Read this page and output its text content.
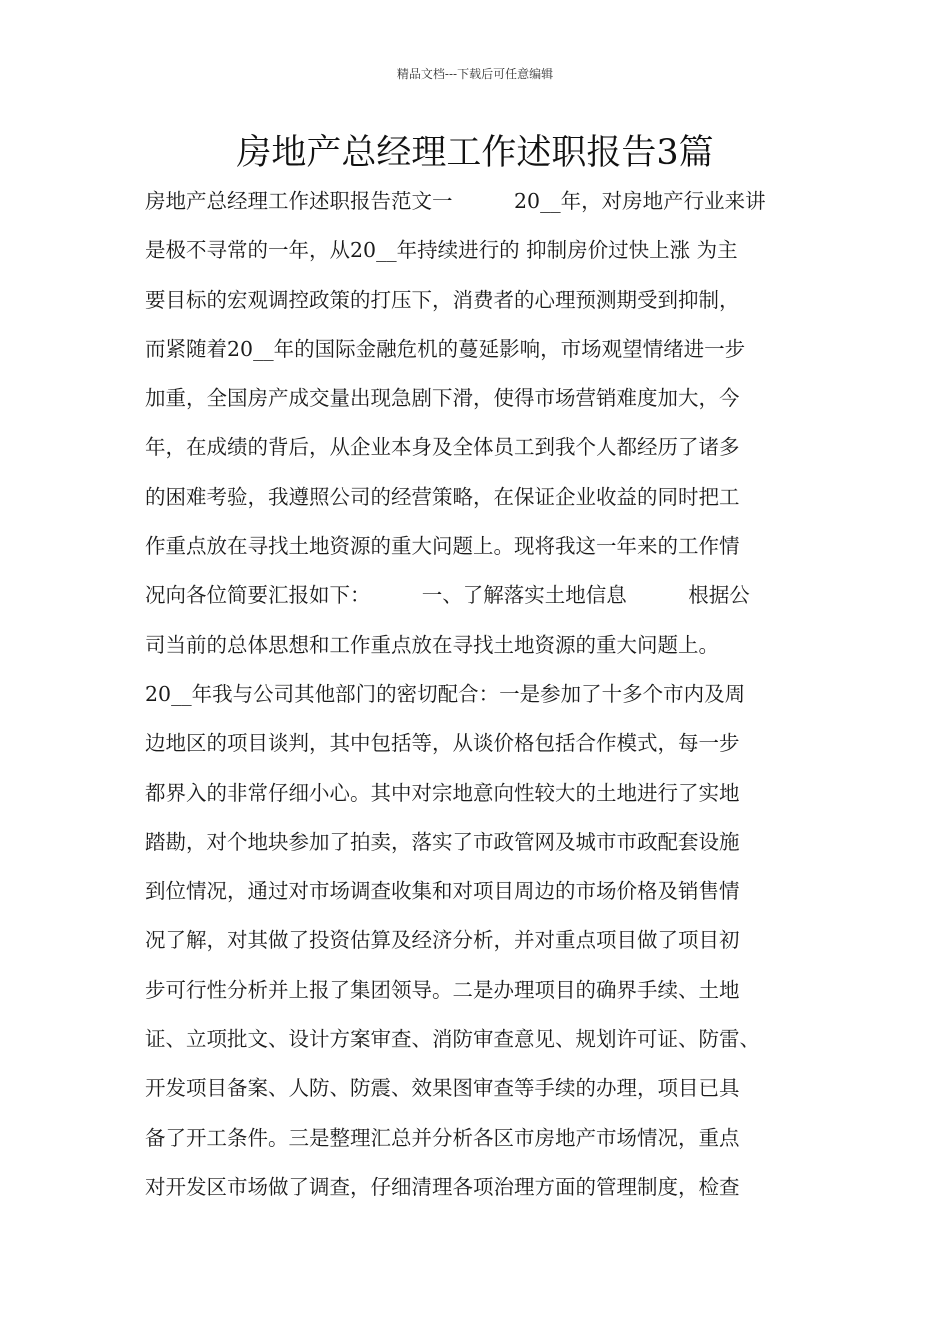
精品文档---下载后可任意编辑
房地产总经理工作述职报告3篇
房地产总经理工作述职报告范文一　　　20__年，对房地产行业来讲
是极不寻常的一年，从20__年持续进行的 抑制房价过快上涨 为主
要目标的宏观调控政策的打压下，消费者的心理预测期受到抑制，
而紧随着20__年的国际金融危机的蔓延影响，市场观望情绪进一步
加重，全国房产成交量出现急剧下滑，使得市场营销难度加大，今
年，在成绩的背后，从企业本身及全体员工到我个人都经历了诸多
的困难考验，我遵照公司的经营策略，在保证企业收益的同时把工
作重点放在寻找土地资源的重大问题上。现将我这一年来的工作情
况向各位简要汇报如下：　　　一、了解落实土地信息　　　根据公
司当前的总体思想和工作重点放在寻找土地资源的重大问题上。
20__年我与公司其他部门的密切配合：一是参加了十多个市内及周
边地区的项目谈判，其中包括等，从谈价格包括合作模式，每一步
都界入的非常仔细小心。其中对宗地意向性较大的土地进行了实地
踏勘，对个地块参加了拍卖，落实了市政管网及城市市政配套设施
到位情况，通过对市场调查收集和对项目周边的市场价格及销售情
况了解，对其做了投资估算及经济分析，并对重点项目做了项目初
步可行性分析并上报了集团领导。二是办理项目的确界手续、土地
证、立项批文、设计方案审查、消防审查意见、规划许可证、防雷、
开发项目备案、人防、防震、效果图审查等手续的办理，项目已具
备了开工条件。三是整理汇总并分析各区市房地产市场情况，重点
对开发区市场做了调查，仔细清理各项治理方面的管理制度，检查
